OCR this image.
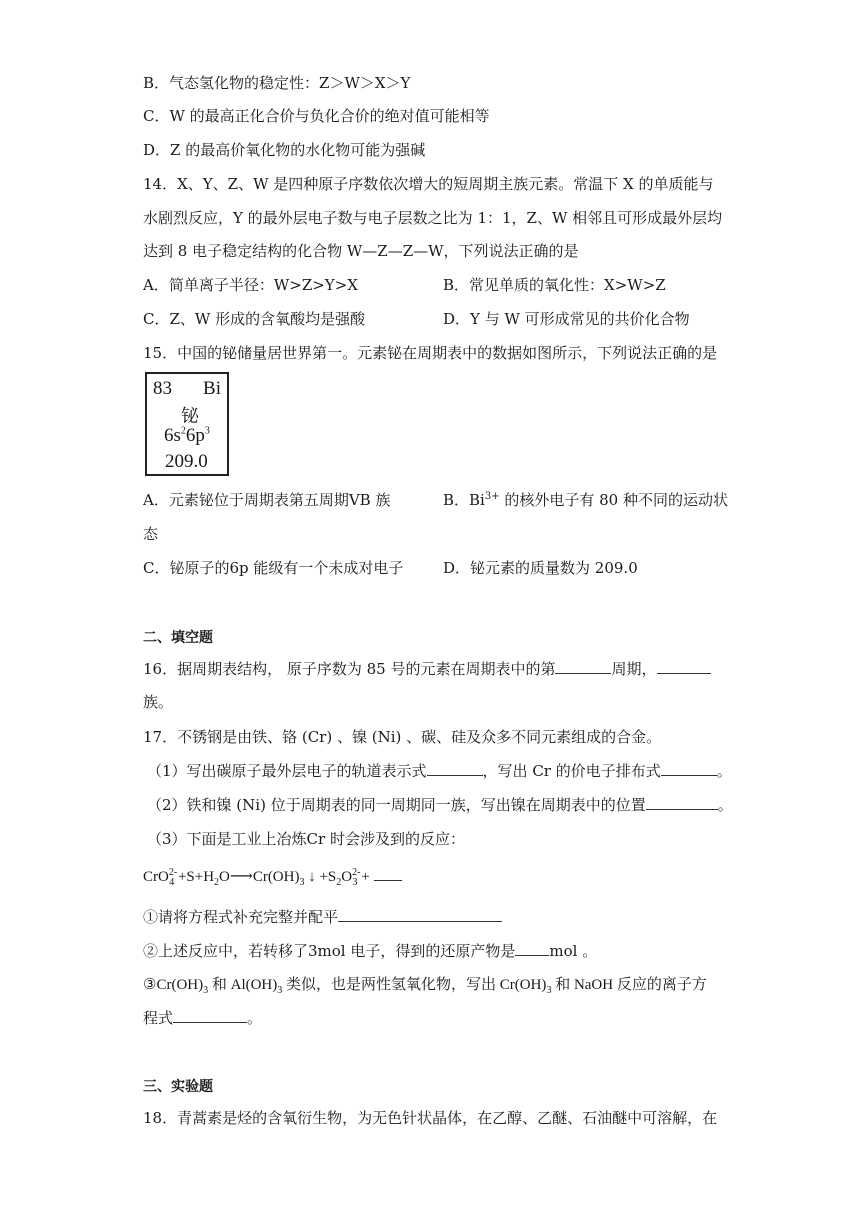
B．气态氢化物的稳定性：Z＞W＞X＞Y
C．W 的最高正化合价与负化合价的绝对值可能相等
D．Z 的最高价氧化物的水化物可能为强碱
14．X、Y、Z、W 是四种原子序数依次增大的短周期主族元素。常温下 X 的单质能与
水剧烈反应，Y 的最外层电子数与电子层数之比为 1：1，Z、W 相邻且可形成最外层均
达到 8 电子稳定结构的化合物 W—Z—Z—W，下列说法正确的是
A．简单离子半径：W>Z>Y>X	B．常见单质的氧化性：X>W>Z
C．Z、W 形成的含氧酸均是强酸	D．Y 与 W 可形成常见的共价化合物
15．中国的铋储量居世界第一。元素铋在周期表中的数据如图所示，下列说法正确的是
83 Bi
铋
$6s^26p^3$
209.0
A．元素铋位于周期表第五周期VB 族	B．$Bi^{3+}$ 的核外电子有 80 种不同的运动状
态
C．铋原子的6p 能级有一个未成对电子	D．铋元素的质量数为 209.0
二、填空题
16．据周期表结构， 原子序数为 85 号的元素在周期表中的第	周期，
族。
17．不锈钢是由铁、铬 (Cr) 、镍 (Ni) 、碳、硅及众多不同元素组成的合金。
（1）写出碳原子最外层电子的轨道表示式	，写出 Cr 的价电子排布式	。
（2）铁和镍 (Ni) 位于周期表的同一周期同一族，写出镍在周期表中的位置	。
（3）下面是工业上冶炼Cr 时会涉及到的反应：
$CrO^{2-}_4 +S+H_2O⟶Cr(OH)_3$ ↓ $+S_2O^{2-}_3$ +
①请将方程式补充完整并配平
②上述反应中，若转移了3mol 电子，得到的还原产物是 mol 。
$③Cr(OH)_3$ 和 $Al(OH)_3$ 类似，也是两性氢氧化物，写出 $Cr(OH)_3$ 和 NaOH 反应的离子方
程式	。
三、实验题
18．青蒿素是烃的含氧衍生物，为无色针状晶体，在乙醇、乙醚、石油醚中可溶解，在
